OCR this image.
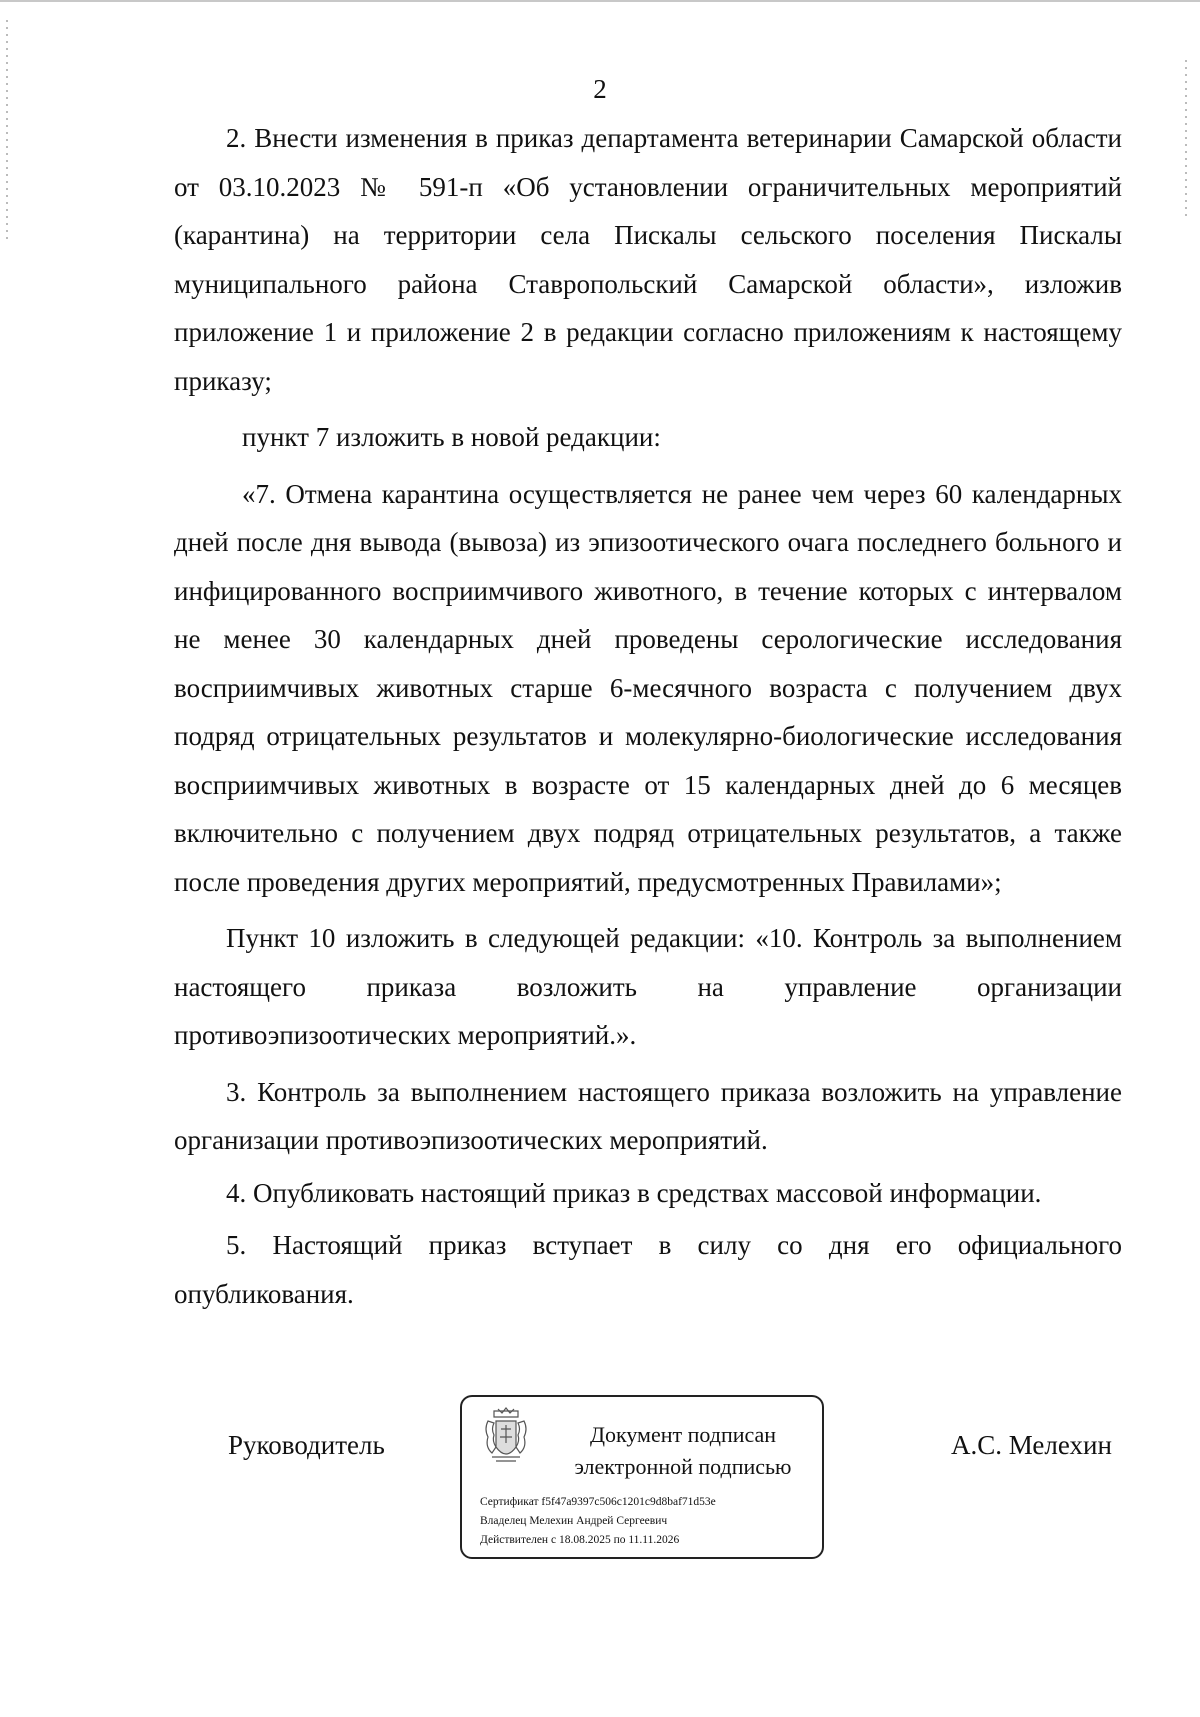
2

2. Внести изменения в приказ департамента ветеринарии Самарской области от 03.10.2023 № 591-п «Об установлении ограничительных мероприятий (карантина) на территории села Пискалы сельского поселения Пискалы муниципального района Ставропольский Самарской области», изложив приложение 1 и приложение 2 в редакции согласно приложениям к настоящему приказу;

пункт 7 изложить в новой редакции:

«7. Отмена карантина осуществляется не ранее чем через 60 календарных дней после дня вывода (вывоза) из эпизоотического очага последнего больного и инфицированного восприимчивого животного, в течение которых с интервалом не менее 30 календарных дней проведены серологические исследования восприимчивых животных старше 6-месячного возраста с получением двух подряд отрицательных результатов и молекулярно-биологические исследования восприимчивых животных в возрасте от 15 календарных дней до 6 месяцев включительно с получением двух подряд отрицательных результатов, а также после проведения других мероприятий, предусмотренных Правилами»;

Пункт 10 изложить в следующей редакции: «10. Контроль за выполнением настоящего приказа возложить на управление организации противоэпизоотических мероприятий.».

3. Контроль за выполнением настоящего приказа возложить на управление организации противоэпизоотических мероприятий.

4. Опубликовать настоящий приказ в средствах массовой информации.

5. Настоящий приказ вступает в силу со дня его официального опубликования.

Руководитель	Документ подписан
электронной подписью
Сертификат f5f47a9397c506c1201c9d8baf71d53e
Владелец Мелехин Андрей Сергеевич
Действителен с 18.08.2025 по 11.11.2026
А.С. Мелехин
